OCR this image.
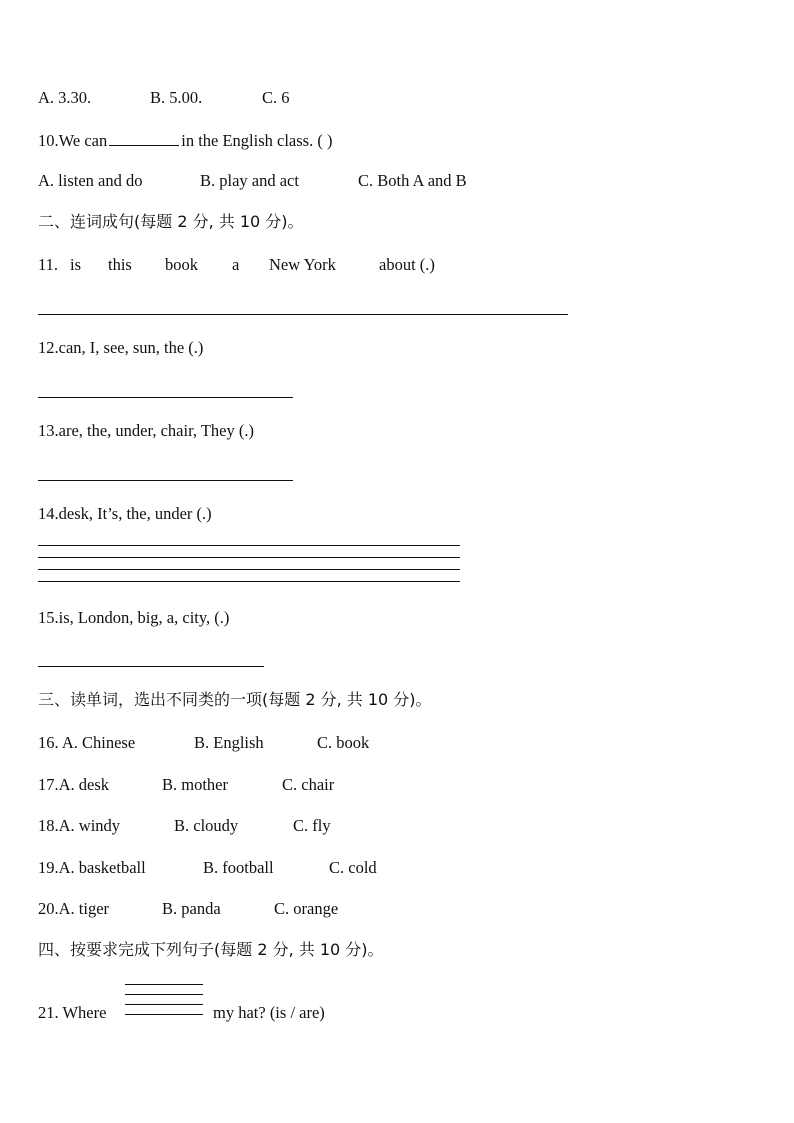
A. 3.30.	B. 5.00.	C. 6
10.We can	in the English class. ( )
A. listen and do	B. play and act	C. Both A and B
二、连词成句(每题 2 分, 共 10 分)。
11. is this book a New York	about (.)
12.can, I, see, sun, the (.)
13.are, the, under, chair, They (.)
14.desk, It’s, the, under (.)
15.is, London, big, a, city, (.)
三、读单词，选出不同类的一项(每题 2 分, 共 10 分)。
16. A. Chinese	B. English	C. book
17.A. desk	B. mother	C. chair
18.A. windy	B. cloudy	C. fly
19.A. basketball	B. football	C. cold
20.A. tiger	B. panda	C. orange
四、按要求完成下列句子(每题 2 分, 共 10 分)。
21. Where	my hat? (is / are)
